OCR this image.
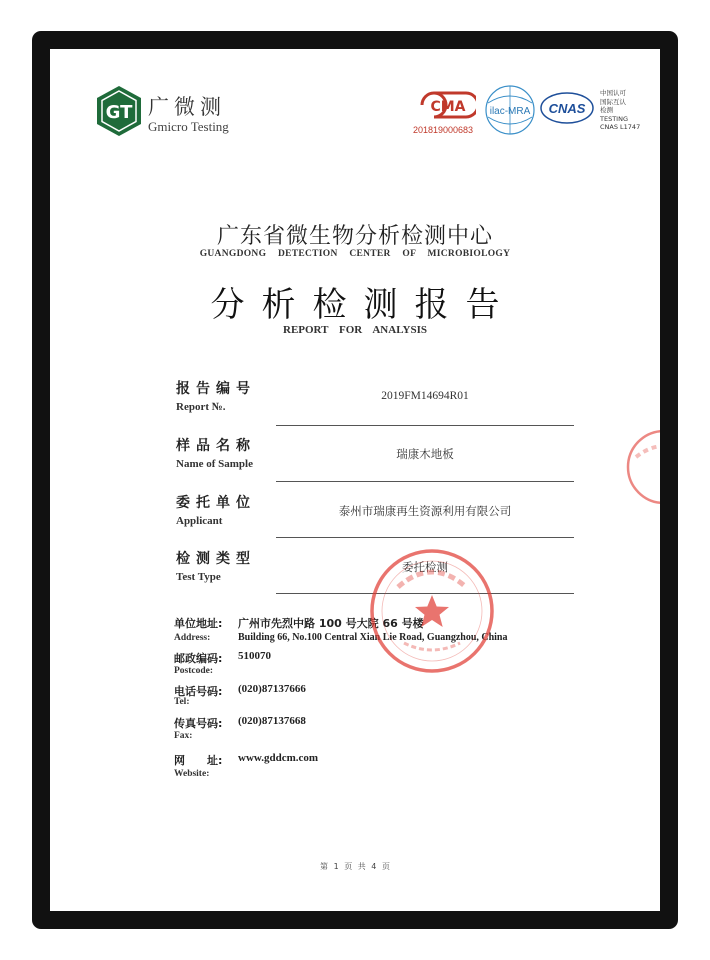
GT 广微测
Gmicro Testing
CMA
201819000683
ilac-MRA CNAS
中国认可
国际互认
检测
TESTING
CNAS L1747
广东省微生物分析检测中心
GUANGDONG DETECTION CENTER OF MICROBIOLOGY
分析检测报告
REPORT FOR ANALYSIS
报告编号
Report №.
2019FM14694R01
样品名称
Name of Sample
瑞康木地板
委托单位
Applicant
泰州市瑞康再生资源利用有限公司
检测类型
Test Type
委托检测
单位地址: 广州市先烈中路 100 号大院 66 号楼
Address:	Building 66, No.100 Central Xian Lie Road, Guangzhou, China
邮政编码: 510070
Postcode:
电话号码: (020)87137666
Tel:
传真号码: (020)87137668
Fax:
网　　址: www.gddcm.com
Website:
第 1 页 共 4 页
